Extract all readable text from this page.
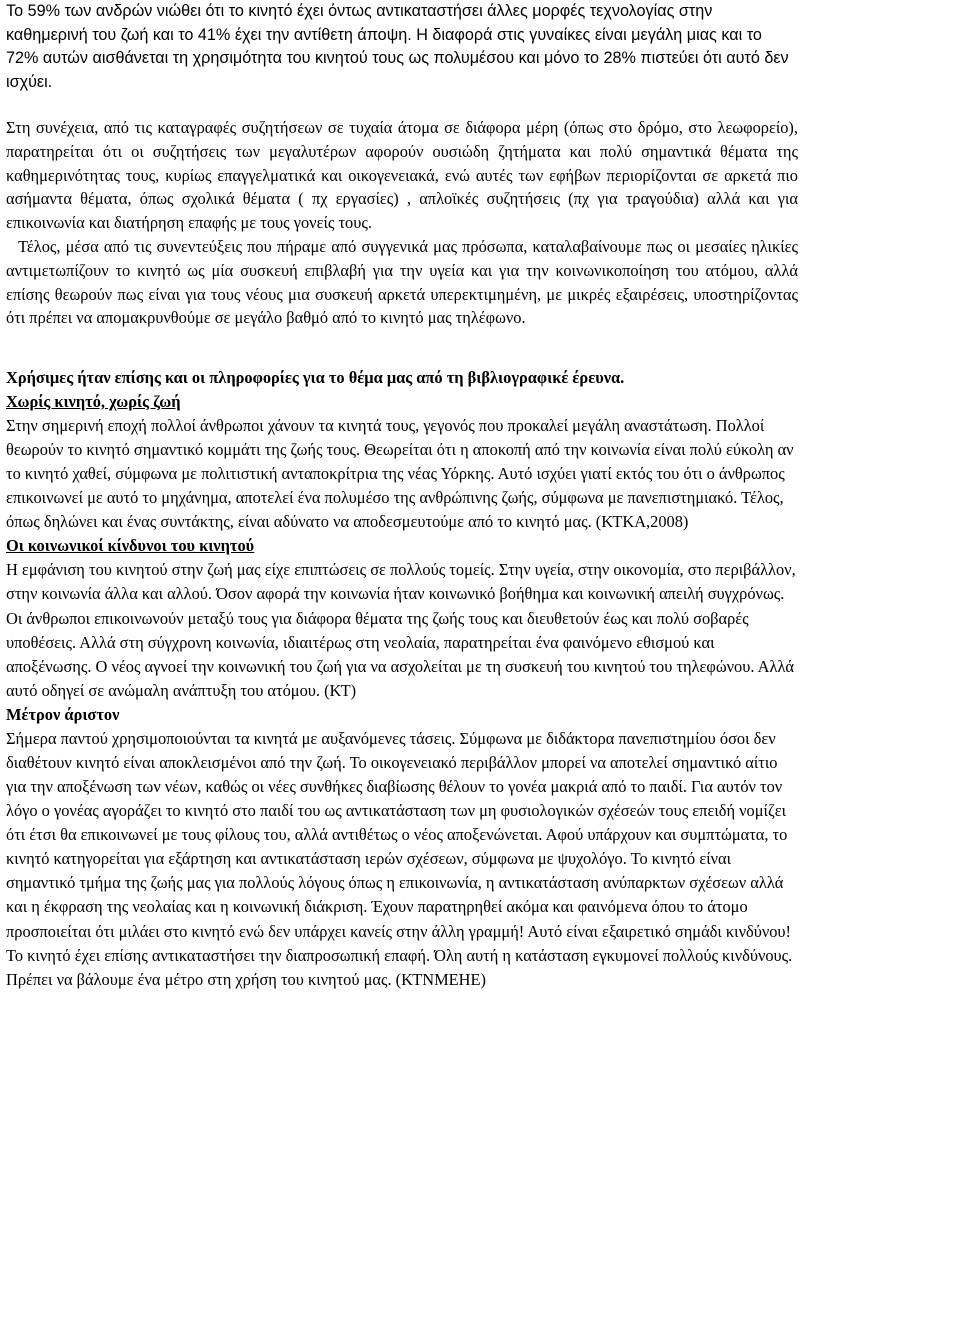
Το 59% των ανδρών νιώθει ότι το κινητό έχει όντως αντικαταστήσει άλλες μορφές τεχνολογίας στην καθημερινή του ζωή και το 41% έχει την αντίθετη άποψη. Η διαφορά στις γυναίκες είναι μεγάλη μιας και το 72% αυτών αισθάνεται τη χρησιμότητα του κινητού τους ως πολυμέσου και μόνο το 28% πιστεύει ότι αυτό δεν ισχύει.

Στη συνέχεια, από τις καταγραφές συζητήσεων σε τυχαία άτομα σε διάφορα μέρη (όπως στο δρόμο, στο λεωφορείο), παρατηρείται ότι οι συζητήσεις των μεγαλυτέρων αφορούν ουσιώδη ζητήματα και πολύ σημαντικά θέματα της καθημερινότητας τους, κυρίως επαγγελματικά και οικογενειακά, ενώ αυτές των εφήβων περιορίζονται σε αρκετά πιο ασήμαντα θέματα, όπως σχολικά θέματα ( πχ εργασίες) , απλοϊκές συζητήσεις (πχ για τραγούδια) αλλά και για επικοινωνία και διατήρηση επαφής με τους γονείς τους.

Τέλος, μέσα από τις συνεντεύξεις που πήραμε από συγγενικά μας πρόσωπα, καταλαβαίνουμε πως οι μεσαίες ηλικίες αντιμετωπίζουν το κινητό ως μία συσκευή επιβλαβή για την υγεία και για την κοινωνικοποίηση του ατόμου, αλλά επίσης θεωρούν πως είναι για τους νέους μια συσκευή αρκετά υπερεκτιμημένη, με μικρές εξαιρέσεις, υποστηρίζοντας ότι πρέπει να απομακρυνθούμε σε μεγάλο βαθμό από το κινητό μας τηλέφωνο.

Χρήσιμες ήταν επίσης και οι πληροφορίες για το θέμα μας από τη βιβλιογραφικέ έρευνα.

Χωρίς κινητό, χωρίς ζωή

Στην σημερινή εποχή πολλοί άνθρωποι χάνουν τα κινητά τους, γεγονός που προκαλεί μεγάλη αναστάτωση. Πολλοί θεωρούν το κινητό σημαντικό κομμάτι της ζωής τους. Θεωρείται ότι η αποκοπή από την κοινωνία είναι πολύ εύκολη αν το κινητό χαθεί, σύμφωνα με πολιτιστική ανταποκρίτρια της νέας Υόρκης. Αυτό ισχύει γιατί εκτός του ότι ο άνθρωπος επικοινωνεί με αυτό το μηχάνημα, αποτελεί ένα πολυμέσο της ανθρώπινης ζωής, σύμφωνα με πανεπιστημιακό. Τέλος, όπως δηλώνει και ένας συντάκτης, είναι αδύνατο να αποδεσμευτούμε από το κινητό μας. (ΚΤΚΑ,2008)

Οι κοινωνικοί κίνδυνοι του κινητού

Η εμφάνιση του κινητού στην ζωή μας είχε επιπτώσεις σε πολλούς τομείς. Στην υγεία, στην οικονομία, στο περιβάλλον, στην κοινωνία άλλα και αλλού. Όσον αφορά την κοινωνία ήταν κοινωνικό βοήθημα και κοινωνική απειλή συγχρόνως. Οι άνθρωποι επικοινωνούν μεταξύ τους για διάφορα θέματα της ζωής τους και διευθετούν έως και πολύ σοβαρές υποθέσεις. Αλλά στη σύγχρονη κοινωνία, ιδιαιτέρως στη νεολαία, παρατηρείται ένα φαινόμενο εθισμού και αποξένωσης. Ο νέος αγνοεί την κοινωνική του ζωή για να ασχολείται με τη συσκευή του κινητού του τηλεφώνου. Αλλά αυτό οδηγεί σε ανώμαλη ανάπτυξη του ατόμου. (ΚΤ)

Μέτρον άριστον

Σήμερα παντού χρησιμοποιούνται τα κινητά με αυξανόμενες τάσεις. Σύμφωνα με διδάκτορα πανεπιστημίου όσοι δεν διαθέτουν κινητό είναι αποκλεισμένοι από την ζωή. Το οικογενειακό περιβάλλον μπορεί να αποτελεί σημαντικό αίτιο για την αποξένωση των νέων, καθώς οι νέες συνθήκες διαβίωσης θέλουν το γονέα μακριά από το παιδί. Για αυτόν τον λόγο ο γονέας αγοράζει το κινητό στο παιδί του ως αντικατάσταση των μη φυσιολογικών σχέσεών τους επειδή νομίζει ότι έτσι θα επικοινωνεί με τους φίλους του, αλλά αντιθέτως ο νέος αποξενώνεται. Αφού υπάρχουν και συμπτώματα, το κινητό κατηγορείται για εξάρτηση και αντικατάσταση ιερών σχέσεων, σύμφωνα με ψυχολόγο. Το κινητό είναι σημαντικό τμήμα της ζωής μας για πολλούς λόγους όπως η επικοινωνία, η αντικατάσταση ανύπαρκτων σχέσεων αλλά και η έκφραση της νεολαίας και η κοινωνική διάκριση. Έχουν παρατηρηθεί ακόμα και φαινόμενα όπου το άτομο προσποιείται ότι μιλάει στο κινητό ενώ δεν υπάρχει κανείς στην άλλη γραμμή! Αυτό είναι εξαιρετικό σημάδι κινδύνου! Το κινητό έχει επίσης αντικαταστήσει την διαπροσωπική επαφή. Όλη αυτή η κατάσταση εγκυμονεί πολλούς κινδύνους. Πρέπει να βάλουμε ένα μέτρο στη χρήση του κινητού μας. (ΚΤΝΜΕΗΕ)

6
